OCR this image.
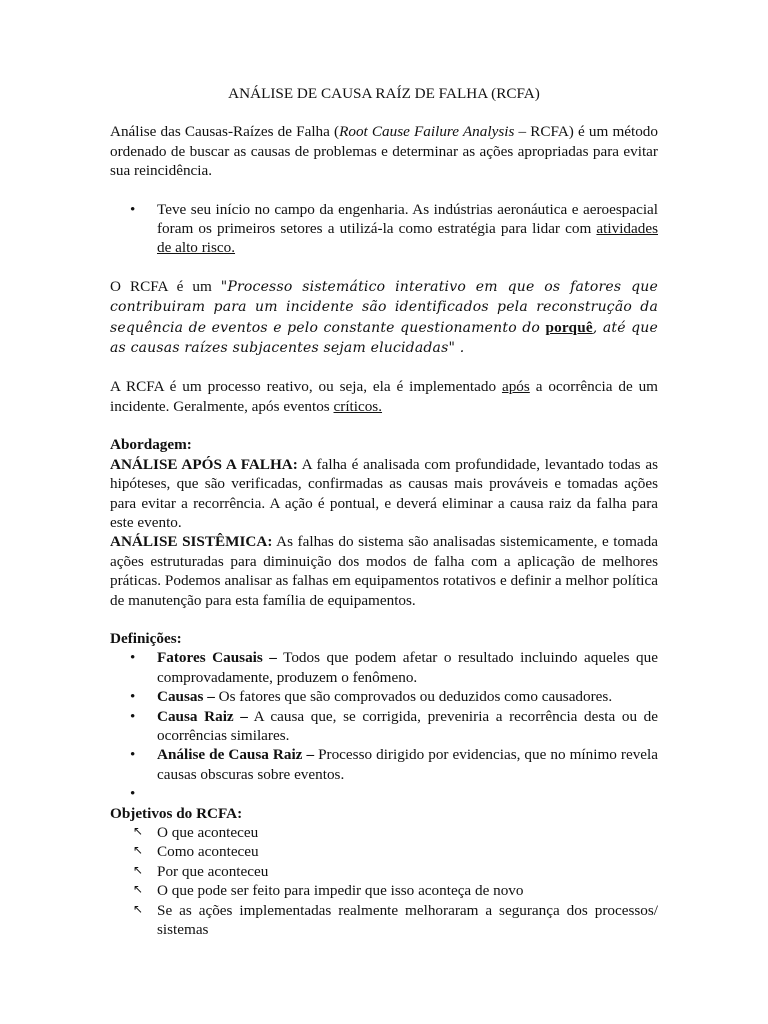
ANÁLISE DE CAUSA RAÍZ DE FALHA (RCFA)

Análise das Causas-Raízes de Falha (Root Cause Failure Analysis – RCFA) é um método ordenado de buscar as causas de problemas e determinar as ações apropriadas para evitar sua reincidência.

• Teve seu início no campo da engenharia. As indústrias aeronáutica e aeroespacial foram os primeiros setores a utilizá-la como estratégia para lidar com atividades de alto risco.

O RCFA é um "Processo sistemático interativo em que os fatores que contribuiram para um incidente são identificados pela reconstrução da sequência de eventos e pelo constante questionamento do porquê, até que as causas raízes subjacentes sejam elucidadas" .

A RCFA é um processo reativo, ou seja, ela é implementado após a ocorrência de um incidente. Geralmente, após eventos críticos.

Abordagem:

ANÁLISE APÓS A FALHA: A falha é analisada com profundidade, levantado todas as hipóteses, que são verificadas, confirmadas as causas mais prováveis e tomadas ações para evitar a recorrência. A ação é pontual, e deverá eliminar a causa raiz da falha para este evento.

ANÁLISE SISTÊMICA: As falhas do sistema são analisadas sistemicamente, e tomada ações estruturadas para diminuição dos modos de falha com a aplicação de melhores práticas. Podemos analisar as falhas em equipamentos rotativos e definir a melhor política de manutenção para esta família de equipamentos.

Definições:

• Fatores Causais – Todos que podem afetar o resultado incluindo aqueles que comprovadamente, produzem o fenômeno.
• Causas – Os fatores que são comprovados ou deduzidos como causadores.
• Causa Raiz – A causa que, se corrigida, preveniria a recorrência desta ou de ocorrências similares.
• Análise de Causa Raiz – Processo dirigido por evidencias, que no mínimo revela causas obscuras sobre eventos.
•

Objetivos do RCFA:

↖ O que aconteceu
↖ Como aconteceu
↖ Por que aconteceu
↖ O que pode ser feito para impedir que isso aconteça de novo
↖ Se as ações implementadas realmente melhoraram a segurança dos processos/ sistemas
